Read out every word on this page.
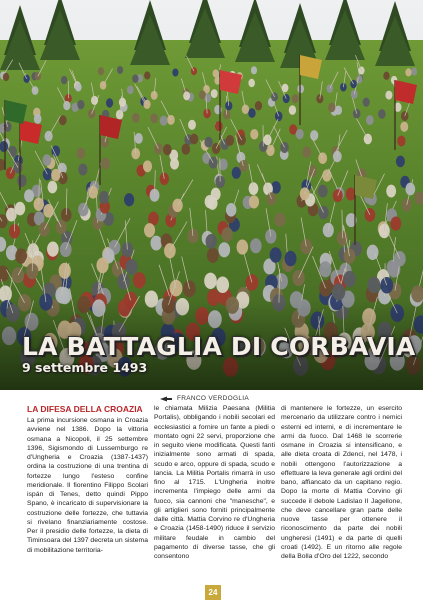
LA BATTAGLIA DI CORBAVIA

9 settembre 1493

FRANCO VERDOGLIA
LA DIFESA DELLA CROAZIA

La prima incursione osmana in Croazia avviene nel 1386. Dopo la vittoria osmana a Nicopoli, il 25 settembre 1396, Sigismondo di Lussemburgo re d'Ungheria e Croazia (1387-1437) ordina la costruzione di una trentina di fortezze lungo l'esteso confine meridionale. Il fiorentino Filippo Scolari ispán di Tenes, detto quindi Pippo Spano, è incaricato di supervisionare la costruzione delle fortezze, che tuttavia si rivelano finanziariamente costose. Per il presidio delle fortezze, la dieta di Timinsoara del 1397 decreta un sistema di mobilitazione territoria-

le chiamata Milizia Paesana (Militia Portalis), obbligando i nobili secolari ed ecclesiastici a fornire un fante a piedi o montato ogni 22 servi, proporzione che in seguito viene modificata. Questi fanti inizialmente sono armati di spada, scudo e arco, oppure di spada, scudo e lancia. La Militia Portalis rimarrà in uso fino al 1715. L'Ungheria inoltre incrementa l'impiego delle armi da fuoco, sia cannoni che "manesche", e gli artiglieri sono forniti principalmente dalle città. Mattia Corvino re d'Ungheria e Croazia (1458-1490) riduce il servizio militare feudale in cambio del pagamento di diverse tasse, che gli consentono

di mantenere le fortezze, un esercito mercenario da utilizzare contro i nemici esterni ed interni, e di incrementare le armi da fuoco. Dal 1468 le scorrerie osmane in Croazia si intensificano, e alle dieta croata di Zdenci, nel 1478, i nobili ottengono l'autorizzazione a effettuare la leva generale agli ordini del bano, affiancato da un capitano regio. Dopo la morte di Mattia Corvino gli succede il debole Ladislao II Jagellone, che deve cancellare gran parte delle nuove tasse per ottenere il riconoscimento da parte dei nobili ungheresi (1491) e da parte di quelli croati (1492). E un ritorno alle regole della Bolla d'Oro del 1222, secondo

24
